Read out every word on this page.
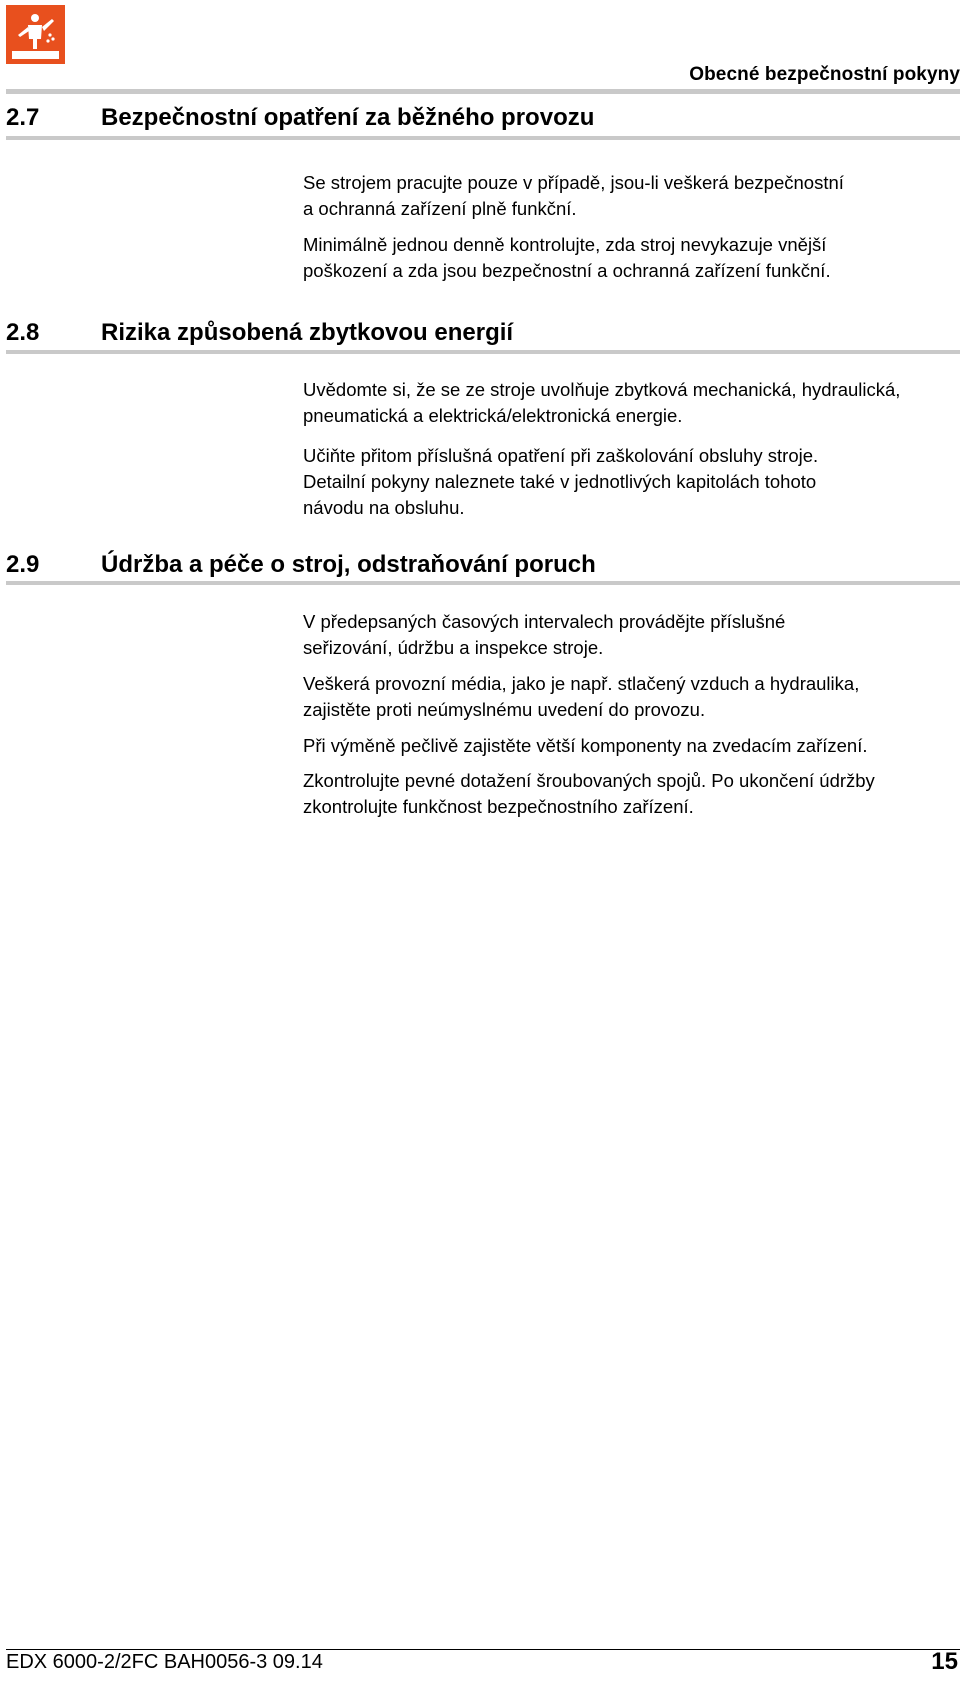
Obecné bezpečnostní pokyny
2.7	Bezpečnostní opatření za běžného provozu

Se strojem pracujte pouze v případě, jsou-li veškerá bezpečnostní
a ochranná zařízení plně funkční.

Minimálně jednou denně kontrolujte, zda stroj nevykazuje vnější
poškození a zda jsou bezpečnostní a ochranná zařízení funkční.

2.8	Rizika způsobená zbytkovou energií

Uvědomte si, že se ze stroje uvolňuje zbytková mechanická, hydraulická,
pneumatická a elektrická/elektronická energie.

Učiňte přitom příslušná opatření při zaškolování obsluhy stroje.
Detailní pokyny naleznete také v jednotlivých kapitolách tohoto
návodu na obsluhu.

2.9	Údržba a péče o stroj, odstraňování poruch

V předepsaných časových intervalech provádějte příslušné
seřizování, údržbu a inspekce stroje.

Veškerá provozní média, jako je např. stlačený vzduch a hydraulika,
zajistěte proti neúmyslnému uvedení do provozu.

Při výměně pečlivě zajistěte větší komponenty na zvedacím zařízení.

Zkontrolujte pevné dotažení šroubovaných spojů. Po ukončení údržby
zkontrolujte funkčnost bezpečnostního zařízení.

EDX 6000-2/2FC BAH0056-3 09.14	15
